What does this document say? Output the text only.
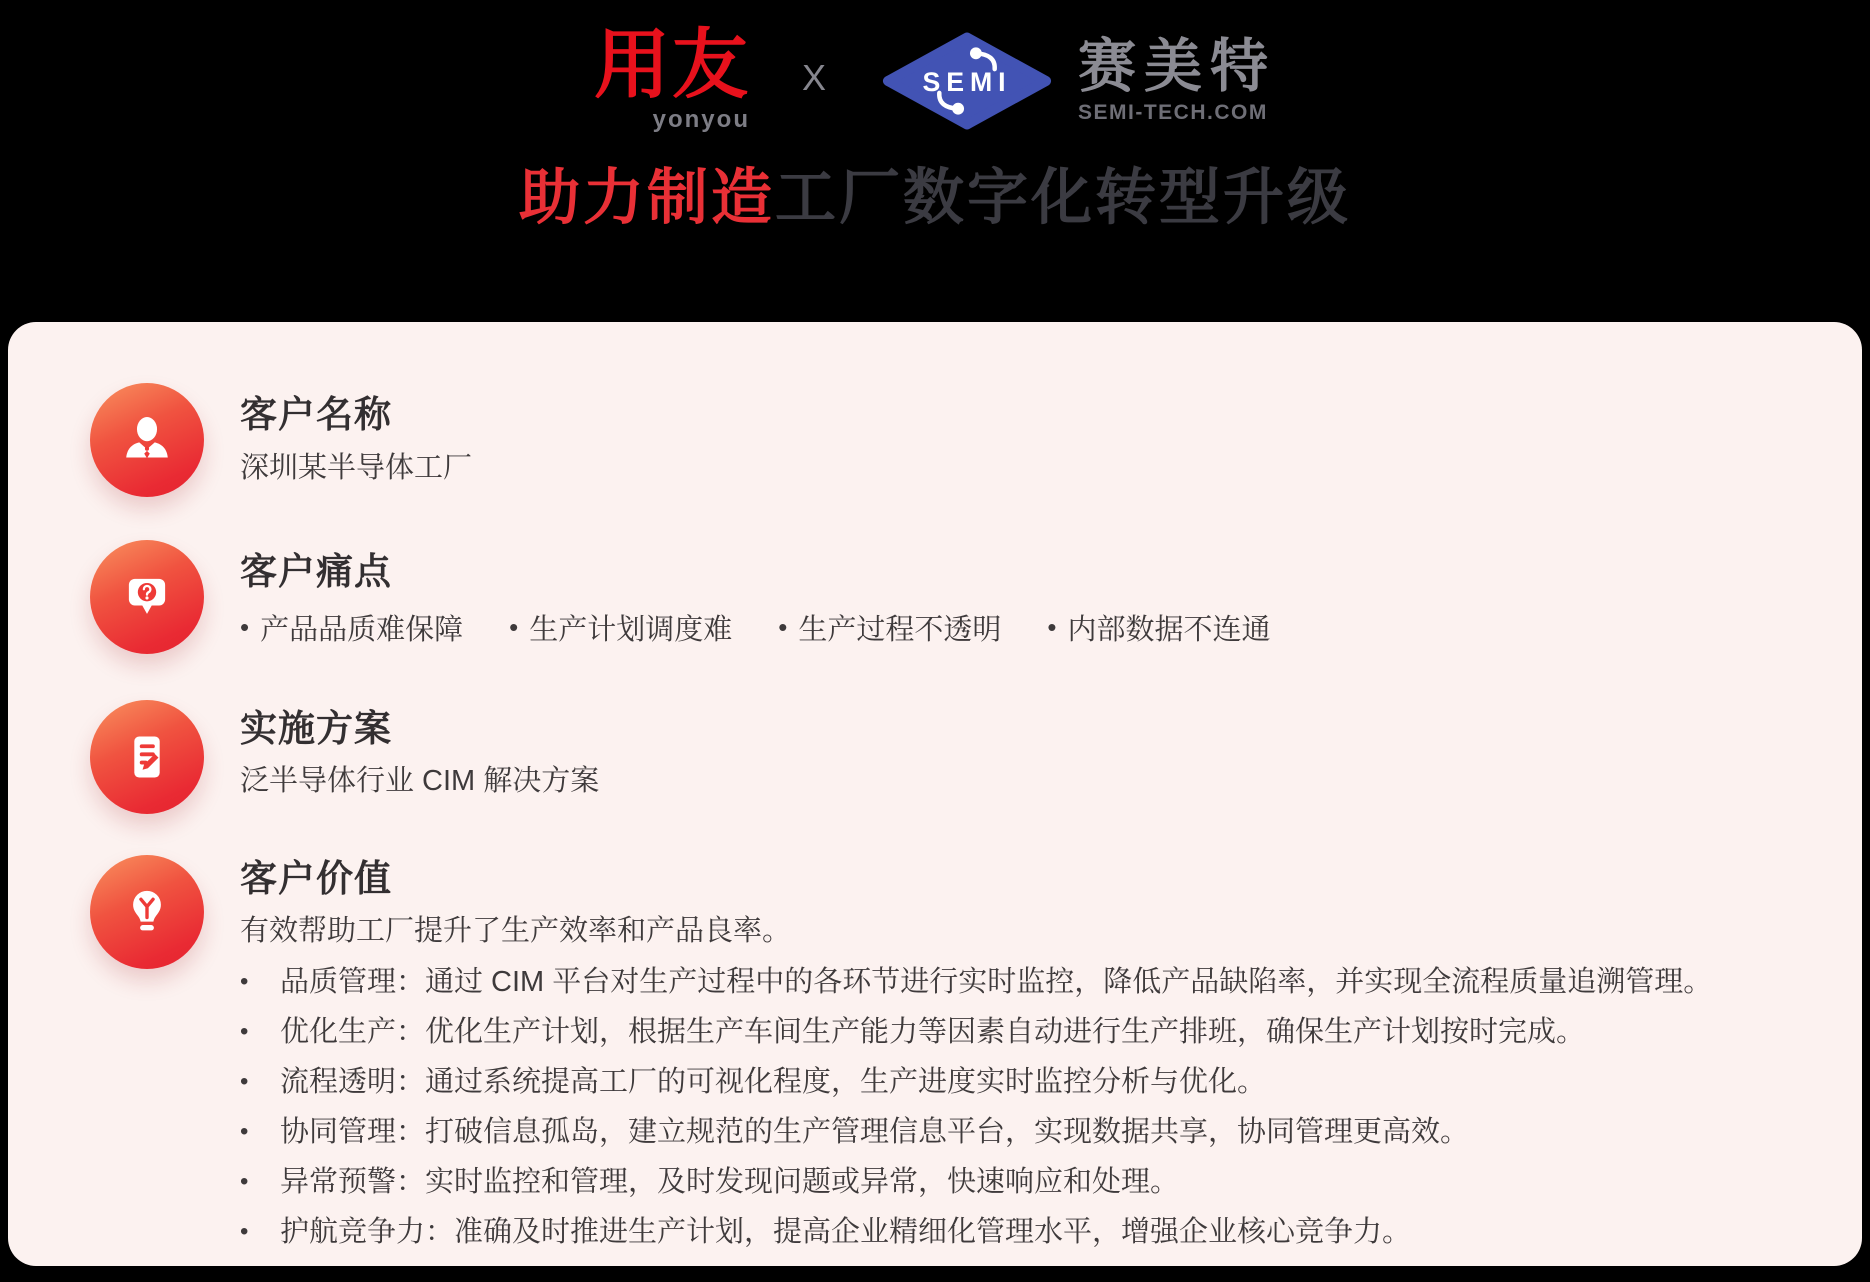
用友
yonyou
X	SEMI 赛美特
SEMI-TECH.COM
助力制造工厂数字化转型升级
客户名称
深圳某半导体工厂
客户痛点
• 产品品质难保障 • 生产计划调度难 • 生产过程不透明 • 内部数据不连通
实施方案
泛半导体行业 CIM 解决方案
客户价值
有效帮助工厂提升了生产效率和产品良率。
•	品质管理：通过 CIM 平台对生产过程中的各环节进行实时监控，降低产品缺陷率，并实现全流程质量追溯管理。
•	优化生产：优化生产计划，根据生产车间生产能力等因素自动进行生产排班，确保生产计划按时完成。
•	流程透明：通过系统提高工厂的可视化程度，生产进度实时监控分析与优化。
•	协同管理：打破信息孤岛，建立规范的生产管理信息平台，实现数据共享，协同管理更高效。
•	异常预警：实时监控和管理，及时发现问题或异常，快速响应和处理。
•	护航竞争力：准确及时推进生产计划，提高企业精细化管理水平，增强企业核心竞争力。
